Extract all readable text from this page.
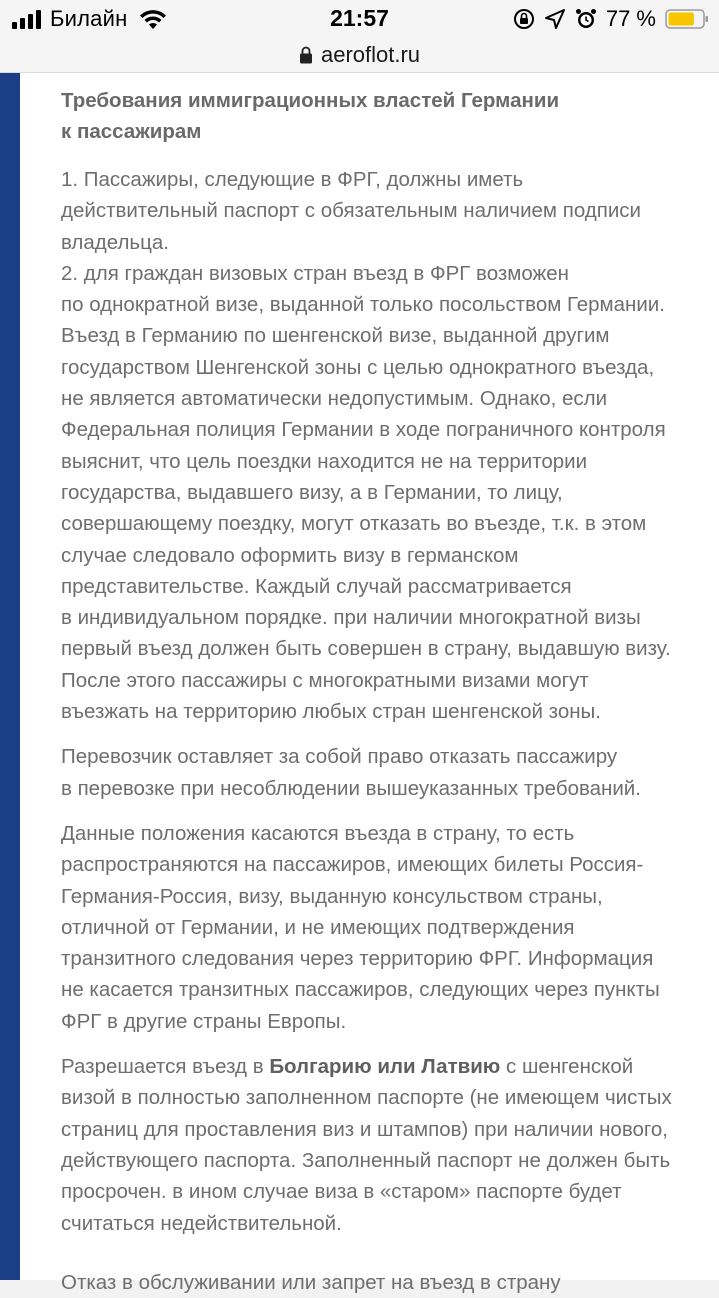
Билайн	21:57	77 %
aeroflot.ru
Требования иммиграционных властей Германии
к пассажирам
1. Пассажиры, следующие в ФРГ, должны иметь
действительный паспорт с обязательным наличием подписи
владельца.
2. для граждан визовых стран въезд в ФРГ возможен
по однократной визе, выданной только посольством Германии.
Въезд в Германию по шенгенской визе, выданной другим
государством Шенгенской зоны с целью однократного въезда,
не является автоматически недопустимым. Однако, если
Федеральная полиция Германии в ходе пограничного контроля
выяснит, что цель поездки находится не на территории
государства, выдавшего визу, а в Германии, то лицу,
совершающему поездку, могут отказать во въезде, т.к. в этом
случае следовало оформить визу в германском
представительстве. Каждый случай рассматривается
в индивидуальном порядке. при наличии многократной визы
первый въезд должен быть совершен в страну, выдавшую визу.
После этого пассажиры с многократными визами могут
въезжать на территорию любых стран шенгенской зоны.
Перевозчик оставляет за собой право отказать пассажиру
в перевозке при несоблюдении вышеуказанных требований.
Данные положения касаются въезда в страну, то есть
распространяются на пассажиров, имеющих билеты Россия-
Германия-Россия, визу, выданную консульством страны,
отличной от Германии, и не имеющих подтверждения
транзитного следования через территорию ФРГ. Информация
не касается транзитных пассажиров, следующих через пункты
ФРГ в другие страны Европы.
Разрешается въезд в Болгарию или Латвию с шенгенской
визой в полностью заполненном паспорте (не имеющем чистых
страниц для проставления виз и штампов) при наличии нового,
действующего паспорта. Заполненный паспорт не должен быть
просрочен. в ином случае виза в «старом» паспорте будет
считаться недействительной.
Отказ в обслуживании или запрет на въезд в страну
